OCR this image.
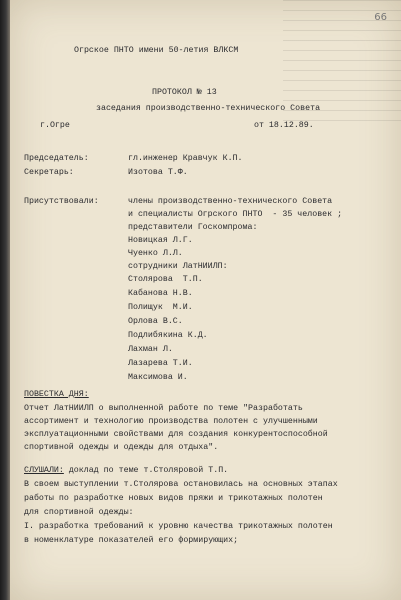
66
Огрское ПНТО имени 50-летия ВЛКСМ
ПРОТОКОЛ № 13
заседания производственно-технического Совета
г.Огре	от 18.12.89.
Председатель:	гл.инженер Кравчук К.П.
Секретарь:	Изотова Т.Ф.
Присутствовали:	члены производственно-технического Совета
и специалисты Огрского ПНТО  - 35 человек ;
представители Госкомпрома:
Новицкая Л.Г.
Чуенко Л.Л.
сотрудники ЛатНИИЛП:
Столярова  Т.П.
Кабанова Н.В.
Полищук  М.И.
Орлова В.С.
Подлибякина К.Д.
Лахман Л.
Лазарева Т.И.
Максимова И.
ПОВЕСТКА ДНЯ:
Отчет ЛатНИИЛП о выполненной работе по теме "Разработать
ассортимент и технологию производства полотен с улучшенными
эксплуатационными свойствами для создания конкурентоспособной
спортивной одежды и одежды для отдыха".
СЛУШАЛИ: доклад по теме т.Столяровой Т.П.
В своем выступлении т.Столярова остановилась на основных этапах
работы по разработке новых видов пряжи и трикотажных полотен
для спортивной одежды:
I. разработка требований к уровню качества трикотажных полотен
в номенклатуре показателей его формирующих;
